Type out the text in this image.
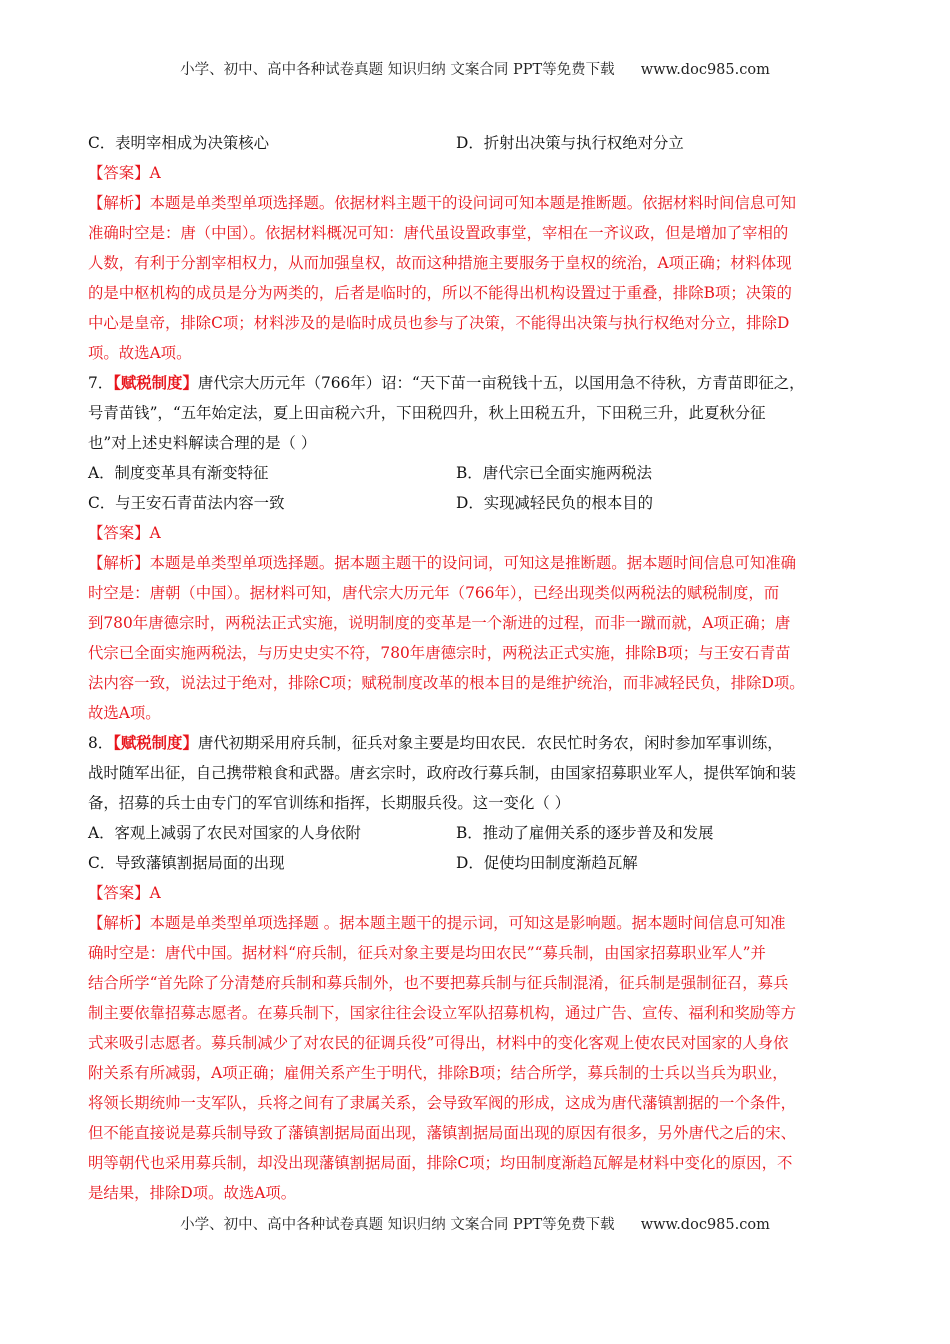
小学、初中、高中各种试卷真题 知识归纳 文案合同 PPT等免费下载 www.doc985.com
C．表明宰相成为决策核心	D．折射出决策与执行权绝对分立
【答案】A
【解析】本题是单类型单项选择题。依据材料主题干的设问词可知本题是推断题。依据材料时间信息可知
准确时空是：唐（中国）。依据材料概况可知：唐代虽设置政事堂，宰相在一齐议政，但是增加了宰相的
人数，有利于分割宰相权力，从而加强皇权，故而这种措施主要服务于皇权的统治，A项正确；材料体现
的是中枢机构的成员是分为两类的，后者是临时的，所以不能得出机构设置过于重叠，排除B项；决策的
中心是皇帝，排除C项；材料涉及的是临时成员也参与了决策，不能得出决策与执行权绝对分立，排除D
项。故选A项。
7．【赋税制度】唐代宗大历元年（766年）诏：“天下苗一亩税钱十五，以国用急不待秋，方青苗即征之，
号青苗钱”，“五年始定法，夏上田亩税六升，下田税四升，秋上田税五升，下田税三升，此夏秋分征
也”对上述史料解读合理的是（ ）
A．制度变革具有渐变特征	B．唐代宗已全面实施两税法
C．与王安石青苗法内容一致	D．实现减轻民负的根本目的
【答案】A
【解析】本题是单类型单项选择题。据本题主题干的设问词，可知这是推断题。据本题时间信息可知准确
时空是：唐朝（中国）。据材料可知，唐代宗大历元年（766年），已经出现类似两税法的赋税制度，而
到780年唐德宗时，两税法正式实施，说明制度的变革是一个渐进的过程，而非一蹴而就，A项正确；唐
代宗已全面实施两税法，与历史史实不符，780年唐德宗时，两税法正式实施，排除B项；与王安石青苗
法内容一致，说法过于绝对，排除C项；赋税制度改革的根本目的是维护统治，而非减轻民负，排除D项。
故选A项。
8．【赋税制度】唐代初期采用府兵制，征兵对象主要是均田农民．农民忙时务农，闲时参加军事训练，
战时随军出征，自己携带粮食和武器。唐玄宗时，政府改行募兵制，由国家招募职业军人，提供军饷和装
备，招募的兵士由专门的军官训练和指挥，长期服兵役。这一变化（ ）
A．客观上减弱了农民对国家的人身依附	B．推动了雇佣关系的逐步普及和发展
C．导致藩镇割据局面的出现	D．促使均田制度渐趋瓦解
【答案】A
【解析】本题是单类型单项选择题 。据本题主题干的提示词，可知这是影响题。据本题时间信息可知准
确时空是：唐代中国。据材料“府兵制，征兵对象主要是均田农民”“募兵制，由国家招募职业军人”并
结合所学“首先除了分清楚府兵制和募兵制外，也不要把募兵制与征兵制混淆，征兵制是强制征召，募兵
制主要依靠招募志愿者。在募兵制下，国家往往会设立军队招募机构，通过广告、宣传、福利和奖励等方
式来吸引志愿者。募兵制减少了对农民的征调兵役”可得出，材料中的变化客观上使农民对国家的人身依
附关系有所减弱，A项正确；雇佣关系产生于明代，排除B项；结合所学，募兵制的士兵以当兵为职业，
将领长期统帅一支军队，兵将之间有了隶属关系，会导致军阀的形成，这成为唐代藩镇割据的一个条件，
但不能直接说是募兵制导致了藩镇割据局面出现，藩镇割据局面出现的原因有很多，另外唐代之后的宋、
明等朝代也采用募兵制，却没出现藩镇割据局面，排除C项；均田制度渐趋瓦解是材料中变化的原因，不
是结果，排除D项。故选A项。
小学、初中、高中各种试卷真题 知识归纳 文案合同 PPT等免费下载 www.doc985.com
